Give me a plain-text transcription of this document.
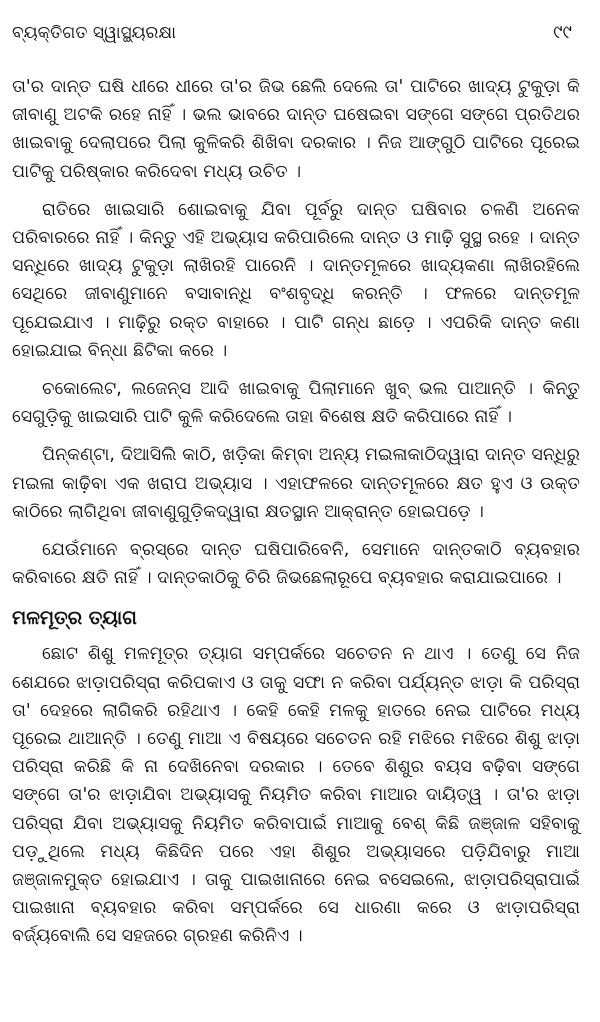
ବ୍ୟକ୍ତିଗତ ସ୍ୱାସ୍ଥ୍ୟରକ୍ଷା	୯୯

ତା'ର ଦାନ୍ତ ଘଷି ଧୀରେ ଧୀରେ ତା'ର ଜିଭ ଛେଲି ଦେଲେ ତା' ପାଟିରେ ଖାଦ୍ୟ ଟୁକୁଡ଼ା କି ଜୀବାଣୁ ଅଟକି ରହେ ନାହିଁ । ଭଲ ଭାବରେ ଦାନ୍ତ ଘଷେଇବା ସଙ୍ଗେ ସଙ୍ଗେ ପ୍ରତିଥର ଖାଇବାକୁ ଦେଲାପରେ ପିଲା କୁଳିକରି ଶିଖିବା ଦରକାର । ନିଜ ଆଙ୍ଗୁଠି ପାଟିରେ ପୂରେଇ ପାଟିକୁ ପରିଷ୍କାର କରିଦେବା ମଧ୍ୟ ଉଚିତ ।

ରାତିରେ ଖାଇସାରି ଶୋଇବାକୁ ଯିବା ପୂର୍ବରୁ ଦାନ୍ତ ଘଷିବାର ଚଳଣି ଅନେକ ପରିବାରରେ ନାହିଁ । କିନ୍ତୁ ଏହି ଅଭ୍ୟାସ କରିପାରିଲେ ଦାନ୍ତ ଓ ମାଢ଼ି ସୁସ୍ଥ ରହେ । ଦାନ୍ତ ସନ୍ଧିରେ ଖାଦ୍ୟ ଟୁକୁଡ଼ା ଲାଖିରହି ପାରେନି । ଦାନ୍ତମୂଳରେ ଖାଦ୍ୟକଣା ଲାଖିରହିଲେ ସେଥିରେ ଜୀବାଣୁମାନେ ବସାବାନ୍ଧି ବଂଶବୃଦ୍ଧି କରନ୍ତି । ଫଳରେ ଦାନ୍ତମୂଳ ପୂଯେଇଯାଏ । ମାଢ଼ିରୁ ରକ୍ତ ବାହାରେ । ପାଟି ଗନ୍ଧ ଛାଡ଼େ । ଏପରିକି ଦାନ୍ତ କଣା ହୋଇଯାଇ ବିନ୍ଧା ଛିଟିକା କରେ ।

ଚକୋଲେଟ, ଲଜେନ୍ସ ଆଦି ଖାଇବାକୁ ପିଲାମାନେ ଖୁବ୍ ଭଲ ପାଆନ୍ତି । କିନ୍ତୁ ସେଗୁଡ଼ିକୁ ଖାଇସାରି ପାଟି କୁଳି କରିଦେଲେ ତାହା ବିଶେଷ କ୍ଷତି କରିପାରେ ନାହିଁ ।

ପିନ୍‌କଣ୍ଟା, ଦିଆସିଲି କାଠି, ଖଡ଼ିକା କିମ୍ବା ଅନ୍ୟ ମଇଳାକାଠିଦ୍ୱାରା ଦାନ୍ତ ସନ୍ଧିରୁ ମଇଳା କାଢ଼ିବା ଏକ ଖରାପ ଅଭ୍ୟାସ । ଏହାଫଳରେ ଦାନ୍ତମୂଳରେ କ୍ଷତ ହୁଏ ଓ ଉକ୍ତ କାଠିରେ ଲାଗିଥିବା ଜୀବାଣୁଗୁଡ଼ିକଦ୍ୱାରା କ୍ଷତସ୍ଥାନ ଆକ୍ରାନ୍ତ ହୋଇପଡ଼େ ।

ଯେଉଁମାନେ ବ୍ରସ୍‌ରେ ଦାନ୍ତ ଘଷିପାରିବେନି, ସେମାନେ ଦାନ୍ତକାଠି ବ୍ୟବହାର କରିବାରେ କ୍ଷତି ନାହିଁ । ଦାନ୍ତକାଠିକୁ ଚିରି ଜିଭଛେଲାରୂପେ ବ୍ୟବହାର କରାଯାଇପାରେ ।

ମଳମୂତ୍ର ତ୍ୟାଗ

ଛୋଟ ଶିଶୁ ମଳମୂତ୍ର ତ୍ୟାଗ ସମ୍ପର୍କରେ ସଚେତନ ନ ଥାଏ । ତେଣୁ ସେ ନିଜ ଶେଯରେ ଝାଡ଼ାପରିସ୍ରା କରିପକାଏ ଓ ତାକୁ ସଫା ନ କରିବା ପର୍ଯ୍ୟନ୍ତ ଝାଡ଼ା କି ପରିସ୍ରା ତା' ଦେହରେ ଲାଗିକରି ରହିଥାଏ । କେହି କେହି ମଳକୁ ହାତରେ ନେଇ ପାଟିରେ ମଧ୍ୟ ପୂରେଇ ଥାଆନ୍ତି । ତେଣୁ ମାଆ ଏ ବିଷୟରେ ସଚେତନ ରହି ମଝିରେ ମଝିରେ ଶିଶୁ ଝାଡ଼ା ପରିସ୍ରା କରିଛି କି ନା ଦେଖିନେବା ଦରକାର । ତେବେ ଶିଶୁର ବୟସ ବଢ଼ିବା ସଙ୍ଗେ ସଙ୍ଗେ ତା'ର ଝାଡ଼ାଯିବା ଅଭ୍ୟାସକୁ ନିୟମିତ କରିବା ମାଆର ଦାୟିତ୍ୱ । ତା'ର ଝାଡ଼ା ପରିସ୍ରା ଯିବା ଅଭ୍ୟାସକୁ ନିୟମିତ କରିବାପାଇଁ ମାଆକୁ ବେଶ୍ କିଛି ଜଞ୍ଜାଳ ସହିବାକୁ ପଡ଼ୁଥିଲେ ମଧ୍ୟ କିଛିଦିନ ପରେ ଏହା ଶିଶୁର ଅଭ୍ୟାସରେ ପଡ଼ିଯିବାରୁ ମାଆ ଜଞ୍ଜାଳମୁକ୍ତ ହୋଇଯାଏ । ତାକୁ ପାଇଖାନାରେ ନେଇ ବସେଇଲେ, ଝାଡ଼ାପରିସ୍ରାପାଇଁ ପାଇଖାନା ବ୍ୟବହାର କରିବା ସମ୍ପର୍କରେ ସେ ଧାରଣା କରେ ଓ ଝାଡ଼ାପରିସ୍ରା ବର୍ଜ୍ୟବୋଲି ସେ ସହଜରେ ଗ୍ରହଣ କରିନିଏ ।
